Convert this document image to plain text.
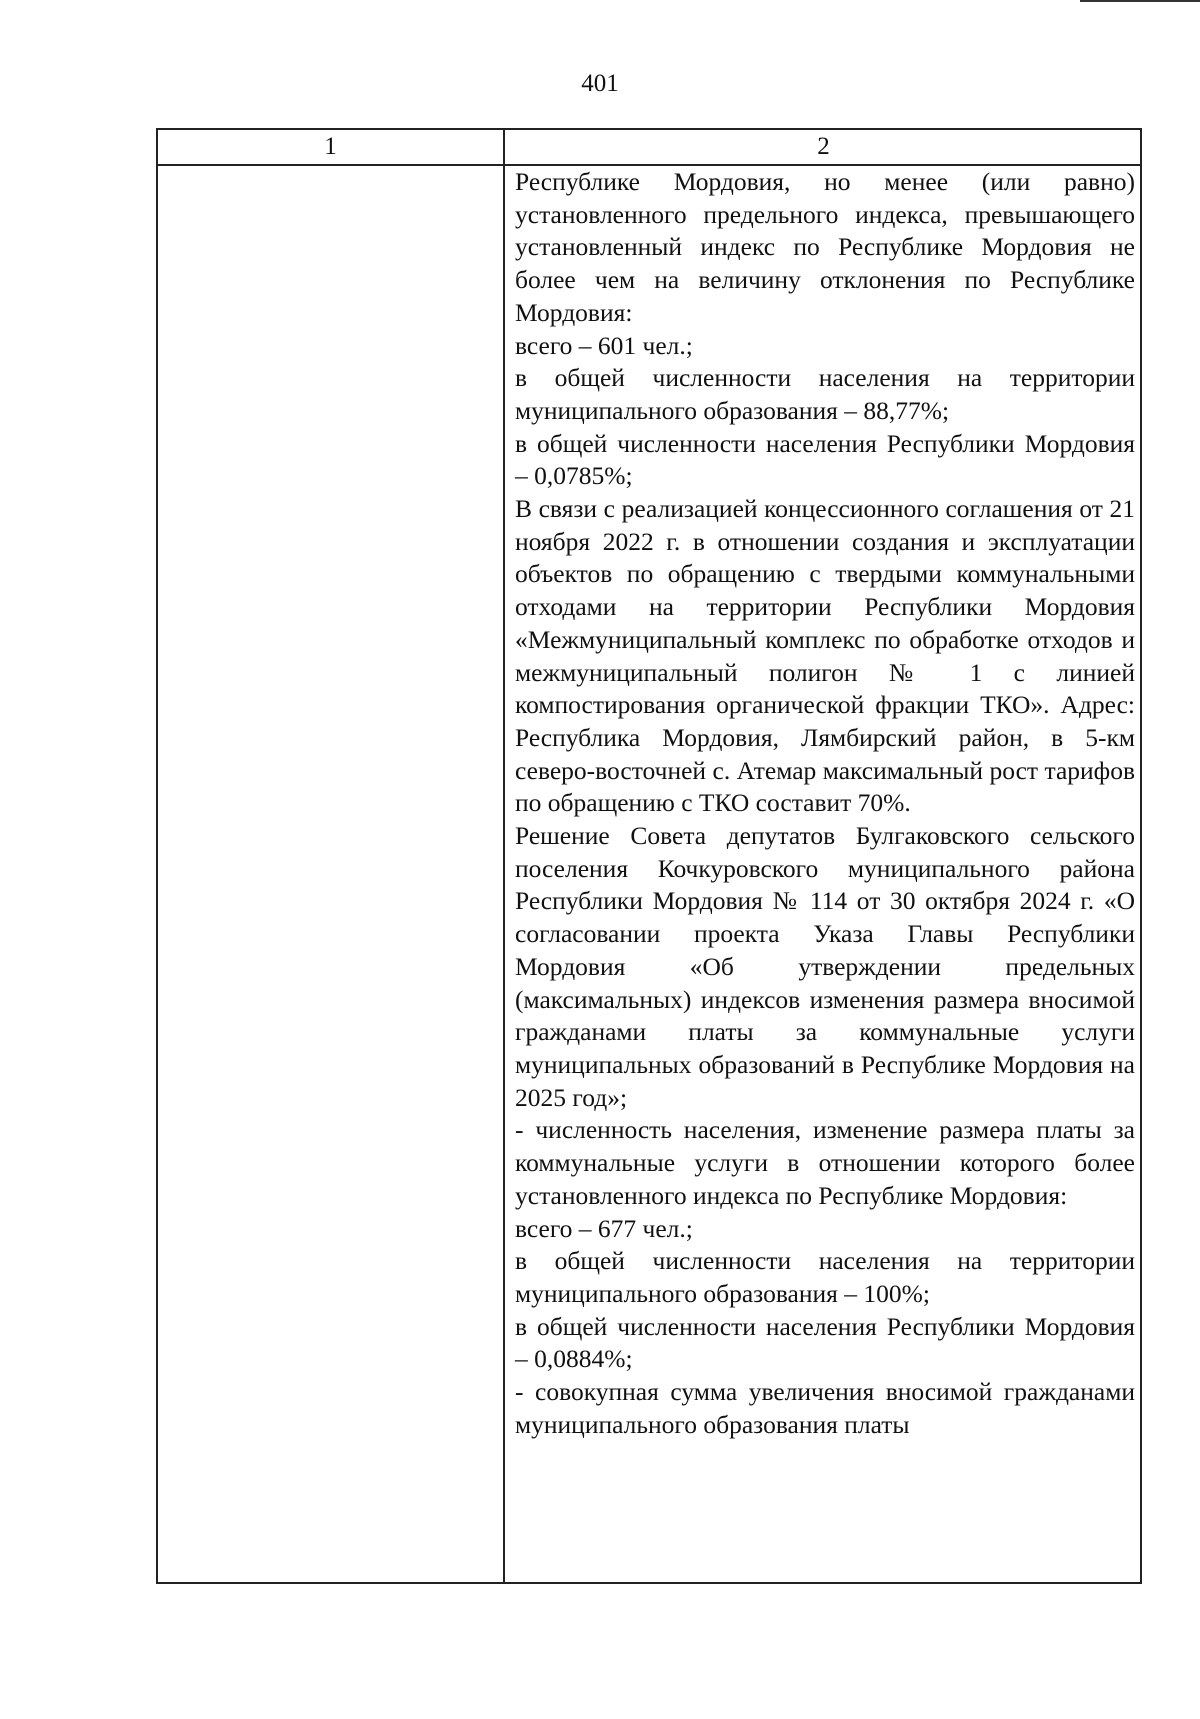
401
1	2

Республике Мордовия, но менее (или равно) установленного предельного индекса, превышающего установленный индекс по Республике Мордовия не более чем на величину отклонения по Республике Мордовия:

всего – 601 чел.;

в общей численности населения на территории муниципального образования – 88,77%;

в общей численности населения Республики Мордовия – 0,0785%;

В связи с реализацией концессионного соглашения от 21 ноября 2022 г. в отношении создания и эксплуатации объектов по обращению с твердыми коммунальными отходами на территории Республики Мордовия «Межмуниципальный комплекс по обработке отходов и межмуниципальный полигон № 1 с линией компостирования органической фракции ТКО». Адрес: Республика Мордовия, Лямбирский район, в 5-км северо-восточней с. Атемар максимальный рост тарифов по обращению с ТКО составит 70%.

Решение Совета депутатов Булгаковского сельского поселения Кочкуровского муниципального района Республики Мордовия № 114 от 30 октября 2024 г. «О согласовании проекта Указа Главы Республики Мордовия «Об утверждении предельных (максимальных) индексов изменения размера вносимой гражданами платы за коммунальные услуги муниципальных образований в Республике Мордовия на 2025 год»;

- численность населения, изменение размера платы за коммунальные услуги в отношении которого более установленного индекса по Республике Мордовия:

всего – 677 чел.;

в общей численности населения на территории муниципального образования – 100%;

в общей численности населения Республики Мордовия – 0,0884%;

- совокупная сумма увеличения вносимой гражданами муниципального образования платы
